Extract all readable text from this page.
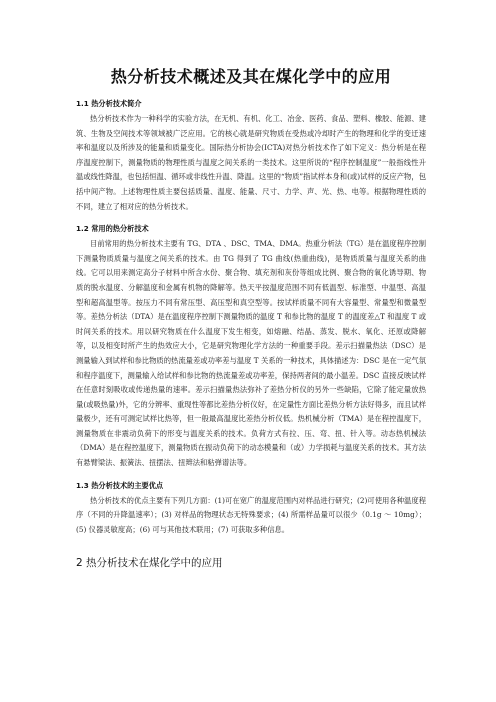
热分析技术概述及其在煤化学中的应用
1.1 热分析技术简介

热分析技术作为一种科学的实验方法，在无机、有机、化工、冶金、医药、食品、塑料、橡胶、能源、建筑、生物及空间技术等领域被广泛应用。它的核心就是研究物质在受热或冷却时产生的物理和化学的变迁速率和温度以及所涉及的能量和质量变化。国际热分析协会(ICTA)对热分析技术作了如下定义：热分析是在程序温度控制下，测量物质的物理性质与温度之间关系的一类技术。这里所说的“程序控制温度”一般指线性升温或线性降温，也包括恒温、循环或非线性升温、降温。这里的“物质”指试样本身和(或)试样的反应产物，包括中间产物。上述物理性质主要包括质量、温度、能量、尺寸、力学、声、光、热、电等。根据物理性质的不同，建立了相对应的热分析技术。

1.2 常用的热分析技术

目前常用的热分析技术主要有 TG、DTA 、DSC、TMA、DMA。热重分析法（TG）是在温度程序控制下测量物质质量与温度之间关系的技术。由 TG 得到了 TG 曲线(热重曲线)，是物质质量与温度关系的曲线。它可以用来测定高分子材料中所含水份、聚合物、填充剂和灰份等组成比例、聚合物的氧化诱导期、物质的脱水温度、分解温度和金属有机物的降解等。热天平按温度范围不同有低温型、标准型、中温型、高温型和超高温型等。按压力不同有常压型、高压型和真空型等。按试样质量不同有大容量型、常量型和微量型等。差热分析法（DTA）是在温度程序控制下测量物质的温度 T 和参比物的温度 T 的温度差△T 和温度 T 或时间关系的技术。用以研究物质在什么温度下发生相变，如熔融、结晶、蒸发、脱水、氧化、还原或降解等，以及相变时所产生的热效应大小，它是研究物理化学方法的一种重要手段。差示扫描量热法（DSC）是测量输入到试样和参比物质的热流量差或功率差与温度 T 关系的一种技术，具体描述为：DSC 是在一定气氛和程序温度下，测量输入给试样和参比物的热流量差或功率差，保持两者间的最小温差。DSC 直接反映试样在任意时刻吸收或传递热量的速率。差示扫描量热法弥补了差热分析仪的另外一些缺陷，它除了能定量放热量(或吸热量)外，它的分辨率、重现性等都比差热分析仪好，在定量性方面比差热分析方法好得多，而且试样量极少，还有可测定试样比热等，但一般最高温度比差热分析仪低。热机械分析（TMA）是在程控温度下，测量物质在非震动负荷下的形变与温度关系的技术。负荷方式有拉、压、弯、扭、针入等。动态热机械法（DMA）是在程控温度下，测量物质在振动负荷下的动态模量和（或）力学损耗与温度关系的技术。其方法有悬臂梁法、振簧法、扭摆法、扭辫法和粘弹谱法等。

1.3 热分析技术的主要优点

热分析技术的优点主要有下列几方面：(1)可在宽广的温度范围内对样品进行研究；(2)可使用各种温度程序（不同的升降温速率）；(3) 对样品的物理状态无特殊要求；(4) 所需样品量可以很少（0.1g ～ 10mg）；(5) 仪器灵敏度高；(6) 可与其他技术联用；(7) 可获取多种信息。

2 热分析技术在煤化学中的应用
